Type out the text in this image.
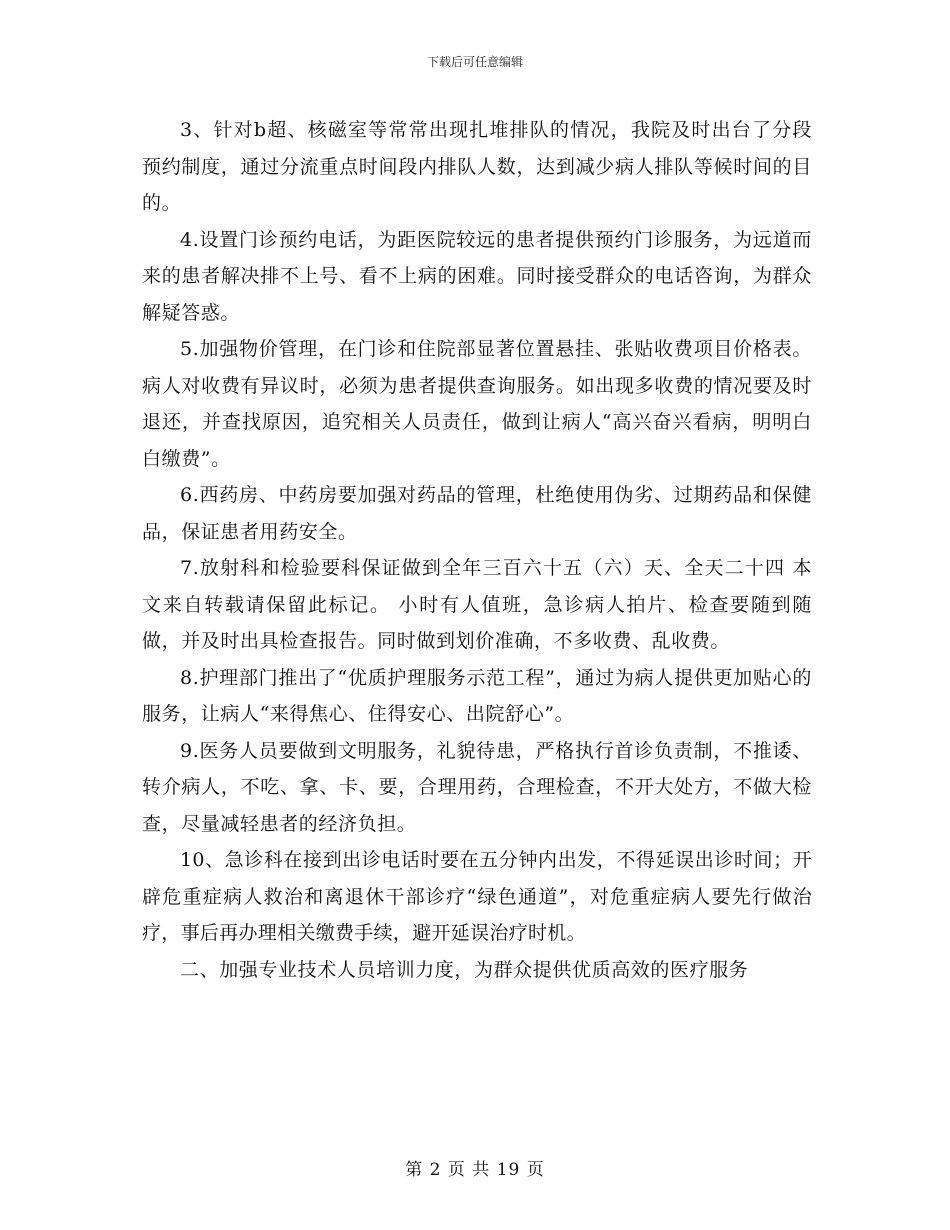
下载后可任意编辑

3、针对b超、核磁室等常常出现扎堆排队的情况，我院及时出台了分段预约制度，通过分流重点时间段内排队人数，达到减少病人排队等候时间的目的。

4.设置门诊预约电话，为距医院较远的患者提供预约门诊服务，为远道而来的患者解决排不上号、看不上病的困难。同时接受群众的电话咨询，为群众解疑答惑。

5.加强物价管理，在门诊和住院部显著位置悬挂、张贴收费项目价格表。病人对收费有异议时，必须为患者提供查询服务。如出现多收费的情况要及时退还，并查找原因，追究相关人员责任，做到让病人“高兴奋兴看病，明明白白缴费”。

6.西药房、中药房要加强对药品的管理，杜绝使用伪劣、过期药品和保健品，保证患者用药安全。

7.放射科和检验要科保证做到全年三百六十五（六）天、全天二十四 本文来自转载请保留此标记。 小时有人值班，急诊病人拍片、检查要随到随做，并及时出具检查报告。同时做到划价准确，不多收费、乱收费。

8.护理部门推出了“优质护理服务示范工程”，通过为病人提供更加贴心的服务，让病人“来得焦心、住得安心、出院舒心”。

9.医务人员要做到文明服务，礼貌待患，严格执行首诊负责制，不推诿、转介病人，不吃、拿、卡、要，合理用药，合理检查，不开大处方，不做大检查，尽量减轻患者的经济负担。

10、急诊科在接到出诊电话时要在五分钟内出发，不得延误出诊时间；开辟危重症病人救治和离退休干部诊疗“绿色通道”，对危重症病人要先行做治疗，事后再办理相关缴费手续，避开延误治疗时机。

二、加强专业技术人员培训力度，为群众提供优质高效的医疗服务

第 2 页 共 19 页
